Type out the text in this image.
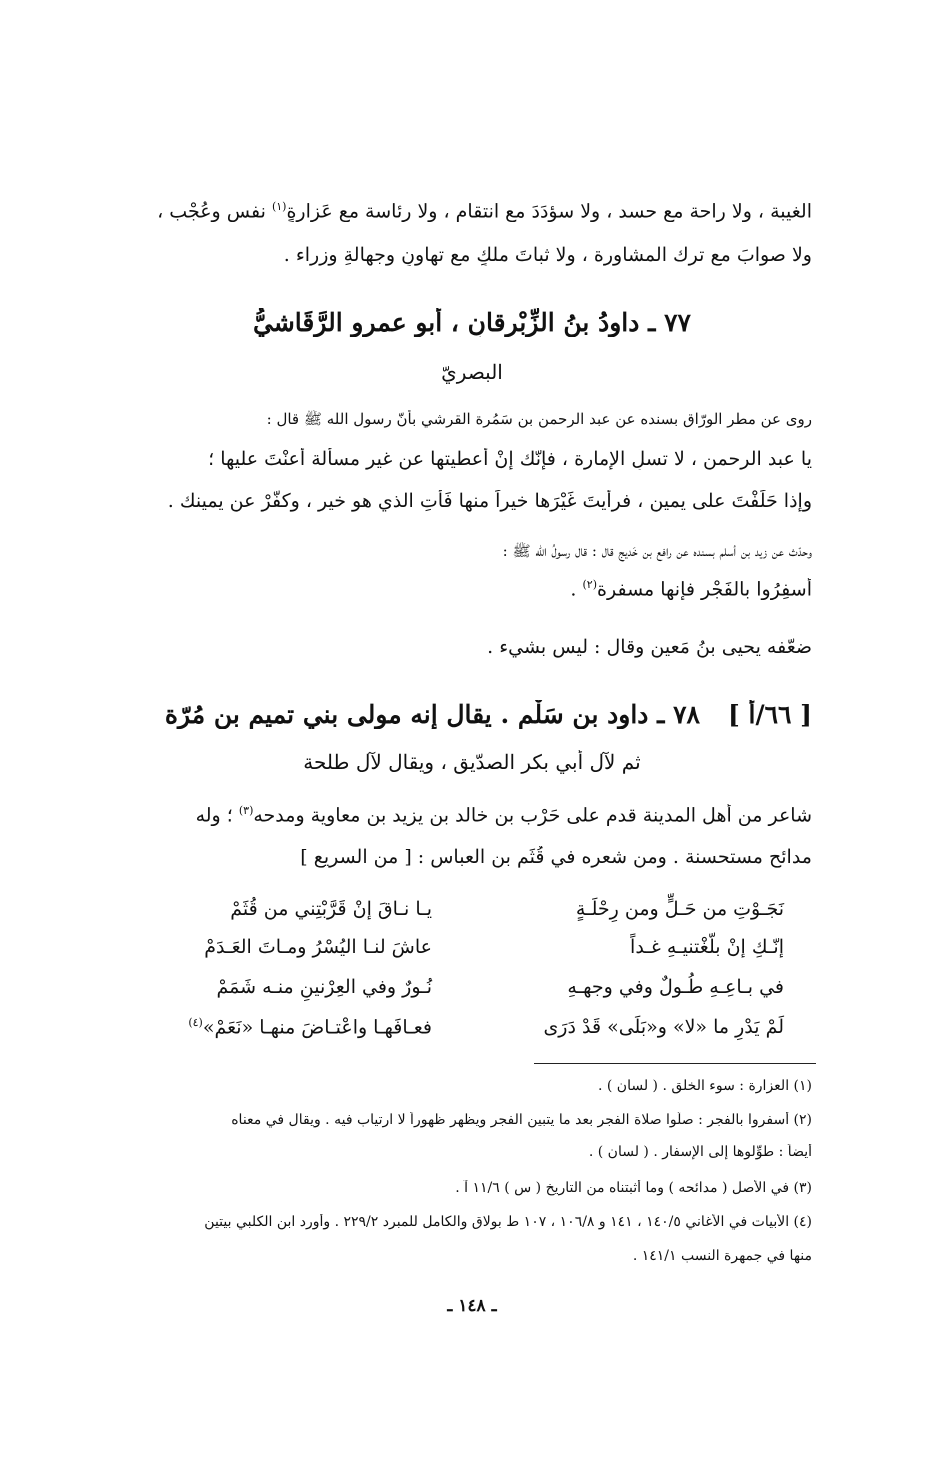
الغيبة ، ولا راحة مع حسد ، ولا سؤدَدَ مع انتقام ، ولا رئاسة مع عَزارةٍ$^{(١)}$ نفسٍ وعُجْب ،
ولا صوابَ مع ترك المشاورة ، ولا ثباتَ ملكٍ مع تهاونٍ وجهالةِ وزراء .
٧٧ ـ داودُ بنُ الزِّبْرقانِ ، أبو عمرو الرَّقَاشيُّ
البصريّ
روى عن مطر الورّاق بسنده عن عبد الرحمن بن سَمُرة القرشي بأنّ رسول الله ﷺ قال :
يا عبد الرحمن ، لا تسلِ الإمارة ، فإنّك إنْ أُعطيتها عن غير مسألة أُعنْتَ عليها ؛
وإذا حَلَفْتَ على يمين ، فرأيتَ غَيْرَها خيراً منها فَأْتِ الذي هو خير ، وكفّرْ عن يمينك .
وحدّث عن زيد بن أسلم بسنده عن رافع بن خَديج قال : قال رسولُ الله ﷺ :
أسفِرُوا بالفَجْر فإنها مسفرة$^{(٢)}$ .
ضعّفه يحيى بنُ مَعين وقال : ليس بشيء .
[ ٦٦/أ ]٧٨ ـ داود بن سَلْم . يقال إنه مولى بني تميم بن مُرّة
ثم لآل أبي بكر الصدّيق ، ويقال لآل طلحة
شاعر من أهل المدينة قدم على حَرْب بن خالد بن يزيد بن معاوية ومدحه$^{(٣)}$ ؛ وله
مدائح مستحسنة . ومن شعره في قُثَم بن العباس : [ من السريع ]
نَجَـوْتِ من حَـلٍّ ومن رِحْلَـةٍ
يـا نـاقَ إنْ قَرَّبْتِني من قُثَمْ
إنّـكِ إنْ بلّغْتنيـهِ غـداً
عاشَ لنـا اليُسْرُ ومـاتَ العَـدَمْ
في بـاعِـهِ طُـولٌ وفي وجهـهِ
نُـورٌ وفي العِرْنينِ منـه شَمَمْ
لَمْ يَدْرِ ما «لا» و«بَلَى» قَدْ دَرَى
فعـافَهـا واعْتـاضَ منهـا «نَعَمْ»$^{(٤)}$
(١) العزارة : سوء الخلق . ( لسان ) .
(٢) أسفروا بالفجر : صلّوا صلاة الفجر بعد ما يتبين الفجر ويظهر ظهوراً لا ارتياب فيه . ويقال في معناه
أيضاً : طوِّلوها إلى الإسفار . ( لسان ) .
(٣) في الأصل ( مدائحه ) وما أثبتناه من التاريخ ( س ) ١١/٦ آ .
(٤) الأبيات في الأغاني ١٤٠/٥ ، ١٤١ و ١٠٦/٨ ، ١٠٧ ط بولاق والكامل للمبرد ٢٢٩/٢ . وأورد ابن الكلبي بيتين
منها في جمهرة النسب ١٤١/١ .
ـ ١٤٨ ـ
